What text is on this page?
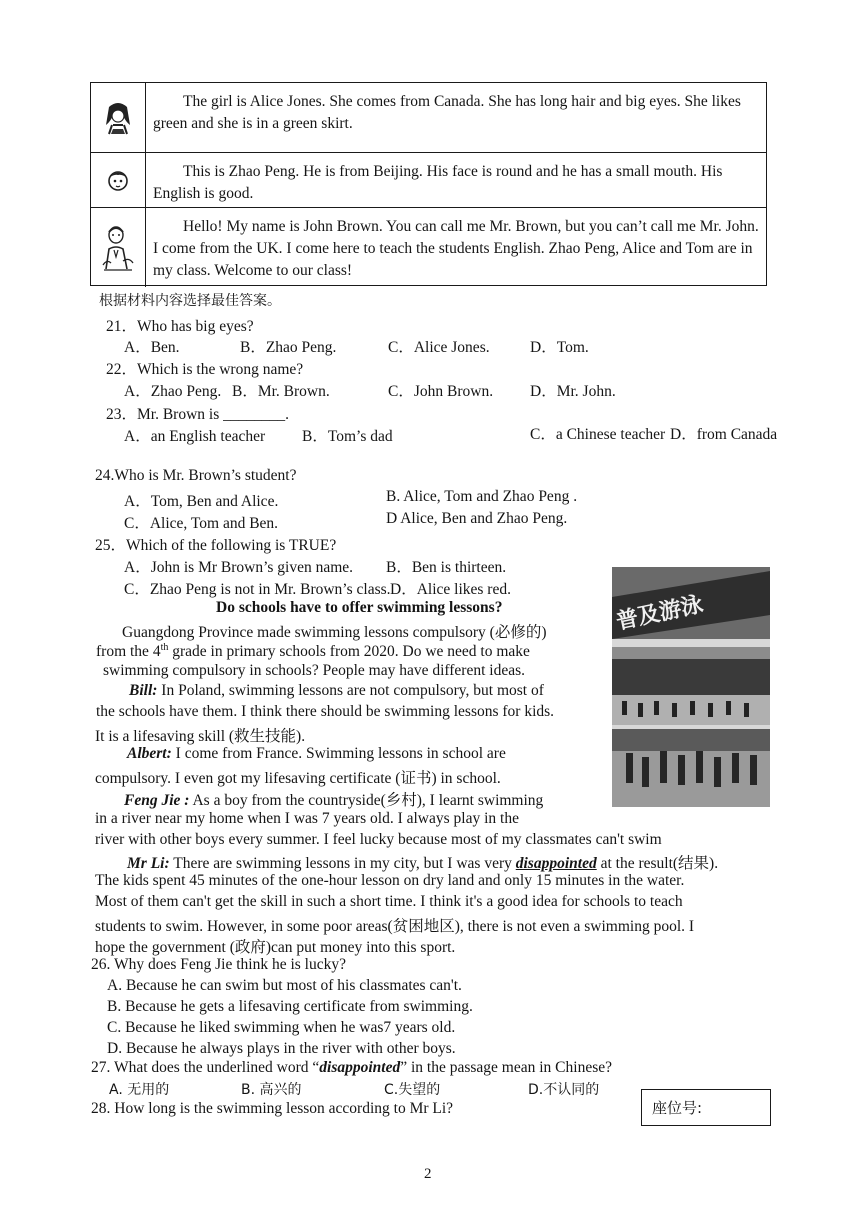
The girl is Alice Jones. She comes from Canada. She has long hair and big eyes. She likes green and she is in a green skirt.
This is Zhao Peng. He is from Beijing. His face is round and he has a small mouth. His English is good.
Hello! My name is John Brown. You can call me Mr. Brown, but you can’t call me Mr. John. I come from the UK. I come here to teach the students English. Zhao Peng, Alice and Tom are in my class. Welcome to our class!
根据材料内容选择最佳答案。
21．Who has big eyes?
A．Ben.	B．Zhao Peng.	C．Alice Jones.	D．Tom.
22．Which is the wrong name?
A．Zhao Peng. B．Mr. Brown.	C．John Brown. D．Mr. John.
23．Mr. Brown is ________.
A．an English teacher B．Tom’s dad	C．a Chinese teacher D．from Canada
24.Who is Mr. Brown’s student?
A．Tom, Ben and Alice.	B. Alice, Tom and Zhao Peng .
C．Alice, Tom and Ben.	D Alice, Ben and Zhao Peng.
25．Which of the following is TRUE?
A．John is Mr Brown’s given name. B．Ben is thirteen.
C．Zhao Peng is not in Mr. Brown’s class. D．Alice likes red.
普及游泳
Do schools have to offer swimming lessons?
Guangdong Province made swimming lessons compulsory (必修的)
from the 4th grade in primary schools from 2020. Do we need to make
swimming compulsory in schools? People may have different ideas.
Bill: In Poland, swimming lessons are not compulsory, but most of
the schools have them. I think there should be swimming lessons for kids.
It is a lifesaving skill (救生技能).
Albert: I come from France. Swimming lessons in school are
compulsory. I even got my lifesaving certificate (证书) in school.
Feng Jie : As a boy from the countryside(乡村), I learnt swimming
in a river near my home when I was 7 years old. I always play in the
river with other boys every summer. I feel lucky because most of my classmates can't swim
Mr Li: There are swimming lessons in my city, but I was very disappointed at the result(结果).
The kids spent 45 minutes of the one-hour lesson on dry land and only 15 minutes in the water.
Most of them can't get the skill in such a short time. I think it's a good idea for schools to teach
students to swim. However, in some poor areas(贫困地区), there is not even a swimming pool. I
hope the government (政府)can put money into this sport.
26. Why does Feng Jie think he is lucky?
A. Because he can swim but most of his classmates can't.
B. Because he gets a lifesaving certificate from swimming.
C. Because he liked swimming when he was7 years old.
D. Because he always plays in the river with other boys.
27. What does the underlined word “disappointed” in the passage mean in Chinese?
A. 无用的	B. 高兴的	C.失望的	D.不认同的
28. How long is the swimming lesson according to Mr Li?	座位号:
2
